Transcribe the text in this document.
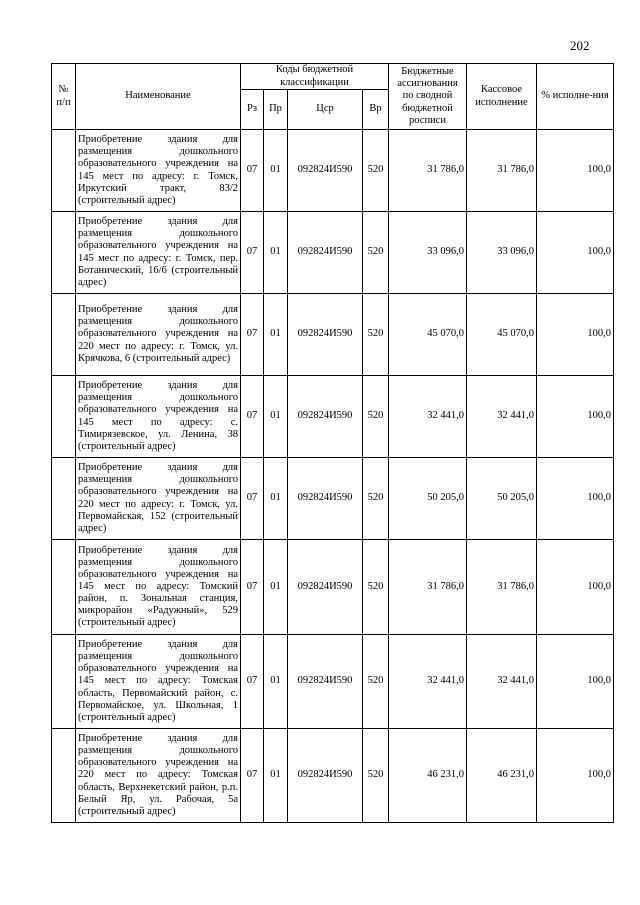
202
№ п/п	Наименование	Коды бюджетной классификации				Бюджетные ассигнования по сводной бюджетной росписи	Кассовое исполнение	% исполне-ния
		Рз	Пр	Цср	Вр			
	Приобретение здания для размещения дошкольного образовательного учреждения на 145 мест по адресу: г. Томск, Иркутский тракт, 83/2 (строительный адрес)	07	01	092824И590	520	31 786,0	31 786,0	100,0
	Приобретение здания для размещения дошкольного образовательного учреждения на 145 мест по адресу: г. Томск, пер. Ботанический, 16/6 (строительный адрес)	07	01	092824И590	520	33 096,0	33 096,0	100,0
	Приобретение здания для размещения дошкольного образовательного учреждения на 220 мест по адресу: г. Томск, ул. Крячкова, 6 (строительный адрес)	07	01	092824И590	520	45 070,0	45 070,0	100,0
	Приобретение здания для размещения дошкольного образовательного учреждения на 145 мест по адресу: с. Тимирязевское, ул. Ленина, 38 (строительный адрес)	07	01	092824И590	520	32 441,0	32 441,0	100,0
	Приобретение здания для размещения дошкольного образовательного учреждения на 220 мест по адресу: г. Томск, ул. Первомайская, 152 (строительный адрес)	07	01	092824И590	520	50 205,0	50 205,0	100,0
	Приобретение здания для размещения дошкольного образовательного учреждения на 145 мест по адресу: Томский район, п. Зональная станция, микрорайон «Радужный», 529 (строительный адрес)	07	01	092824И590	520	31 786,0	31 786,0	100,0
	Приобретение здания для размещения дошкольного образовательного учреждения на 145 мест по адресу: Томская область, Первомайский район, с. Первомайское, ул. Школьная, 1 (строительный адрес)	07	01	092824И590	520	32 441,0	32 441,0	100,0
	Приобретение здания для размещения дошкольного образовательного учреждения на 220 мест по адресу: Томская область, Верхнекетский район, р.п. Белый Яр, ул. Рабочая, 5а (строительный адрес)	07	01	092824И590	520	46 231,0	46 231,0	100,0
